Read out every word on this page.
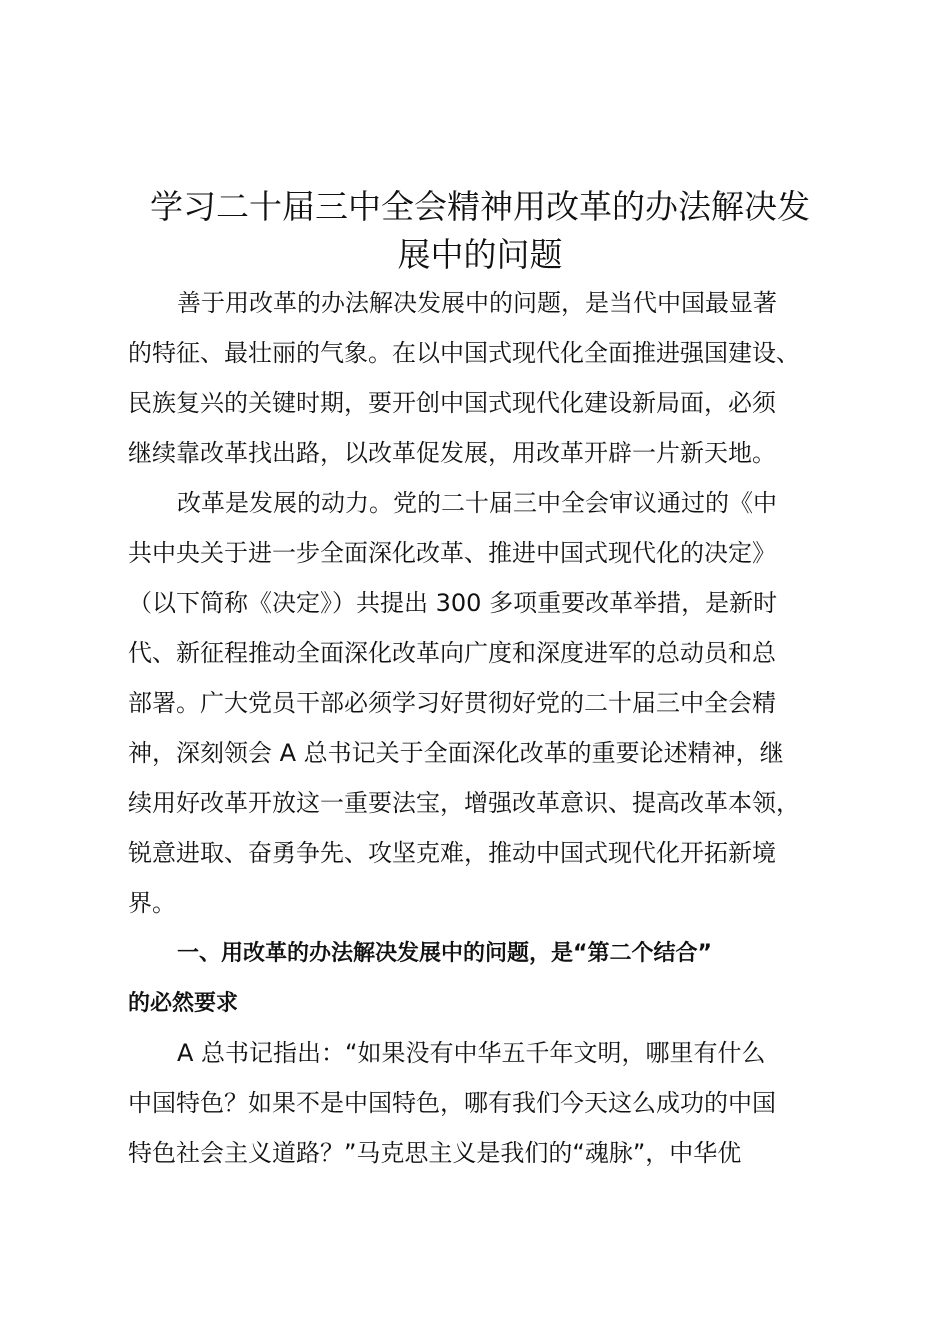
学习二十届三中全会精神用改革的办法解决发
展中的问题

善于用改革的办法解决发展中的问题，是当代中国最显著

的特征、最壮丽的气象。在以中国式现代化全面推进强国建设、

民族复兴的关键时期，要开创中国式现代化建设新局面，必须

继续靠改革找出路，以改革促发展，用改革开辟一片新天地。

改革是发展的动力。党的二十届三中全会审议通过的《中

共中央关于进一步全面深化改革、推进中国式现代化的决定》

（以下简称《决定》）共提出 300 多项重要改革举措，是新时

代、新征程推动全面深化改革向广度和深度进军的总动员和总

部署。广大党员干部必须学习好贯彻好党的二十届三中全会精

神，深刻领会 A 总书记关于全面深化改革的重要论述精神，继

续用好改革开放这一重要法宝，增强改革意识、提高改革本领，

锐意进取、奋勇争先、攻坚克难，推动中国式现代化开拓新境

界。

一、用改革的办法解决发展中的问题，是“第二个结合”

的必然要求

A 总书记指出：“如果没有中华五千年文明，哪里有什么

中国特色？如果不是中国特色，哪有我们今天这么成功的中国

特色社会主义道路？”马克思主义是我们的“魂脉”，中华优
